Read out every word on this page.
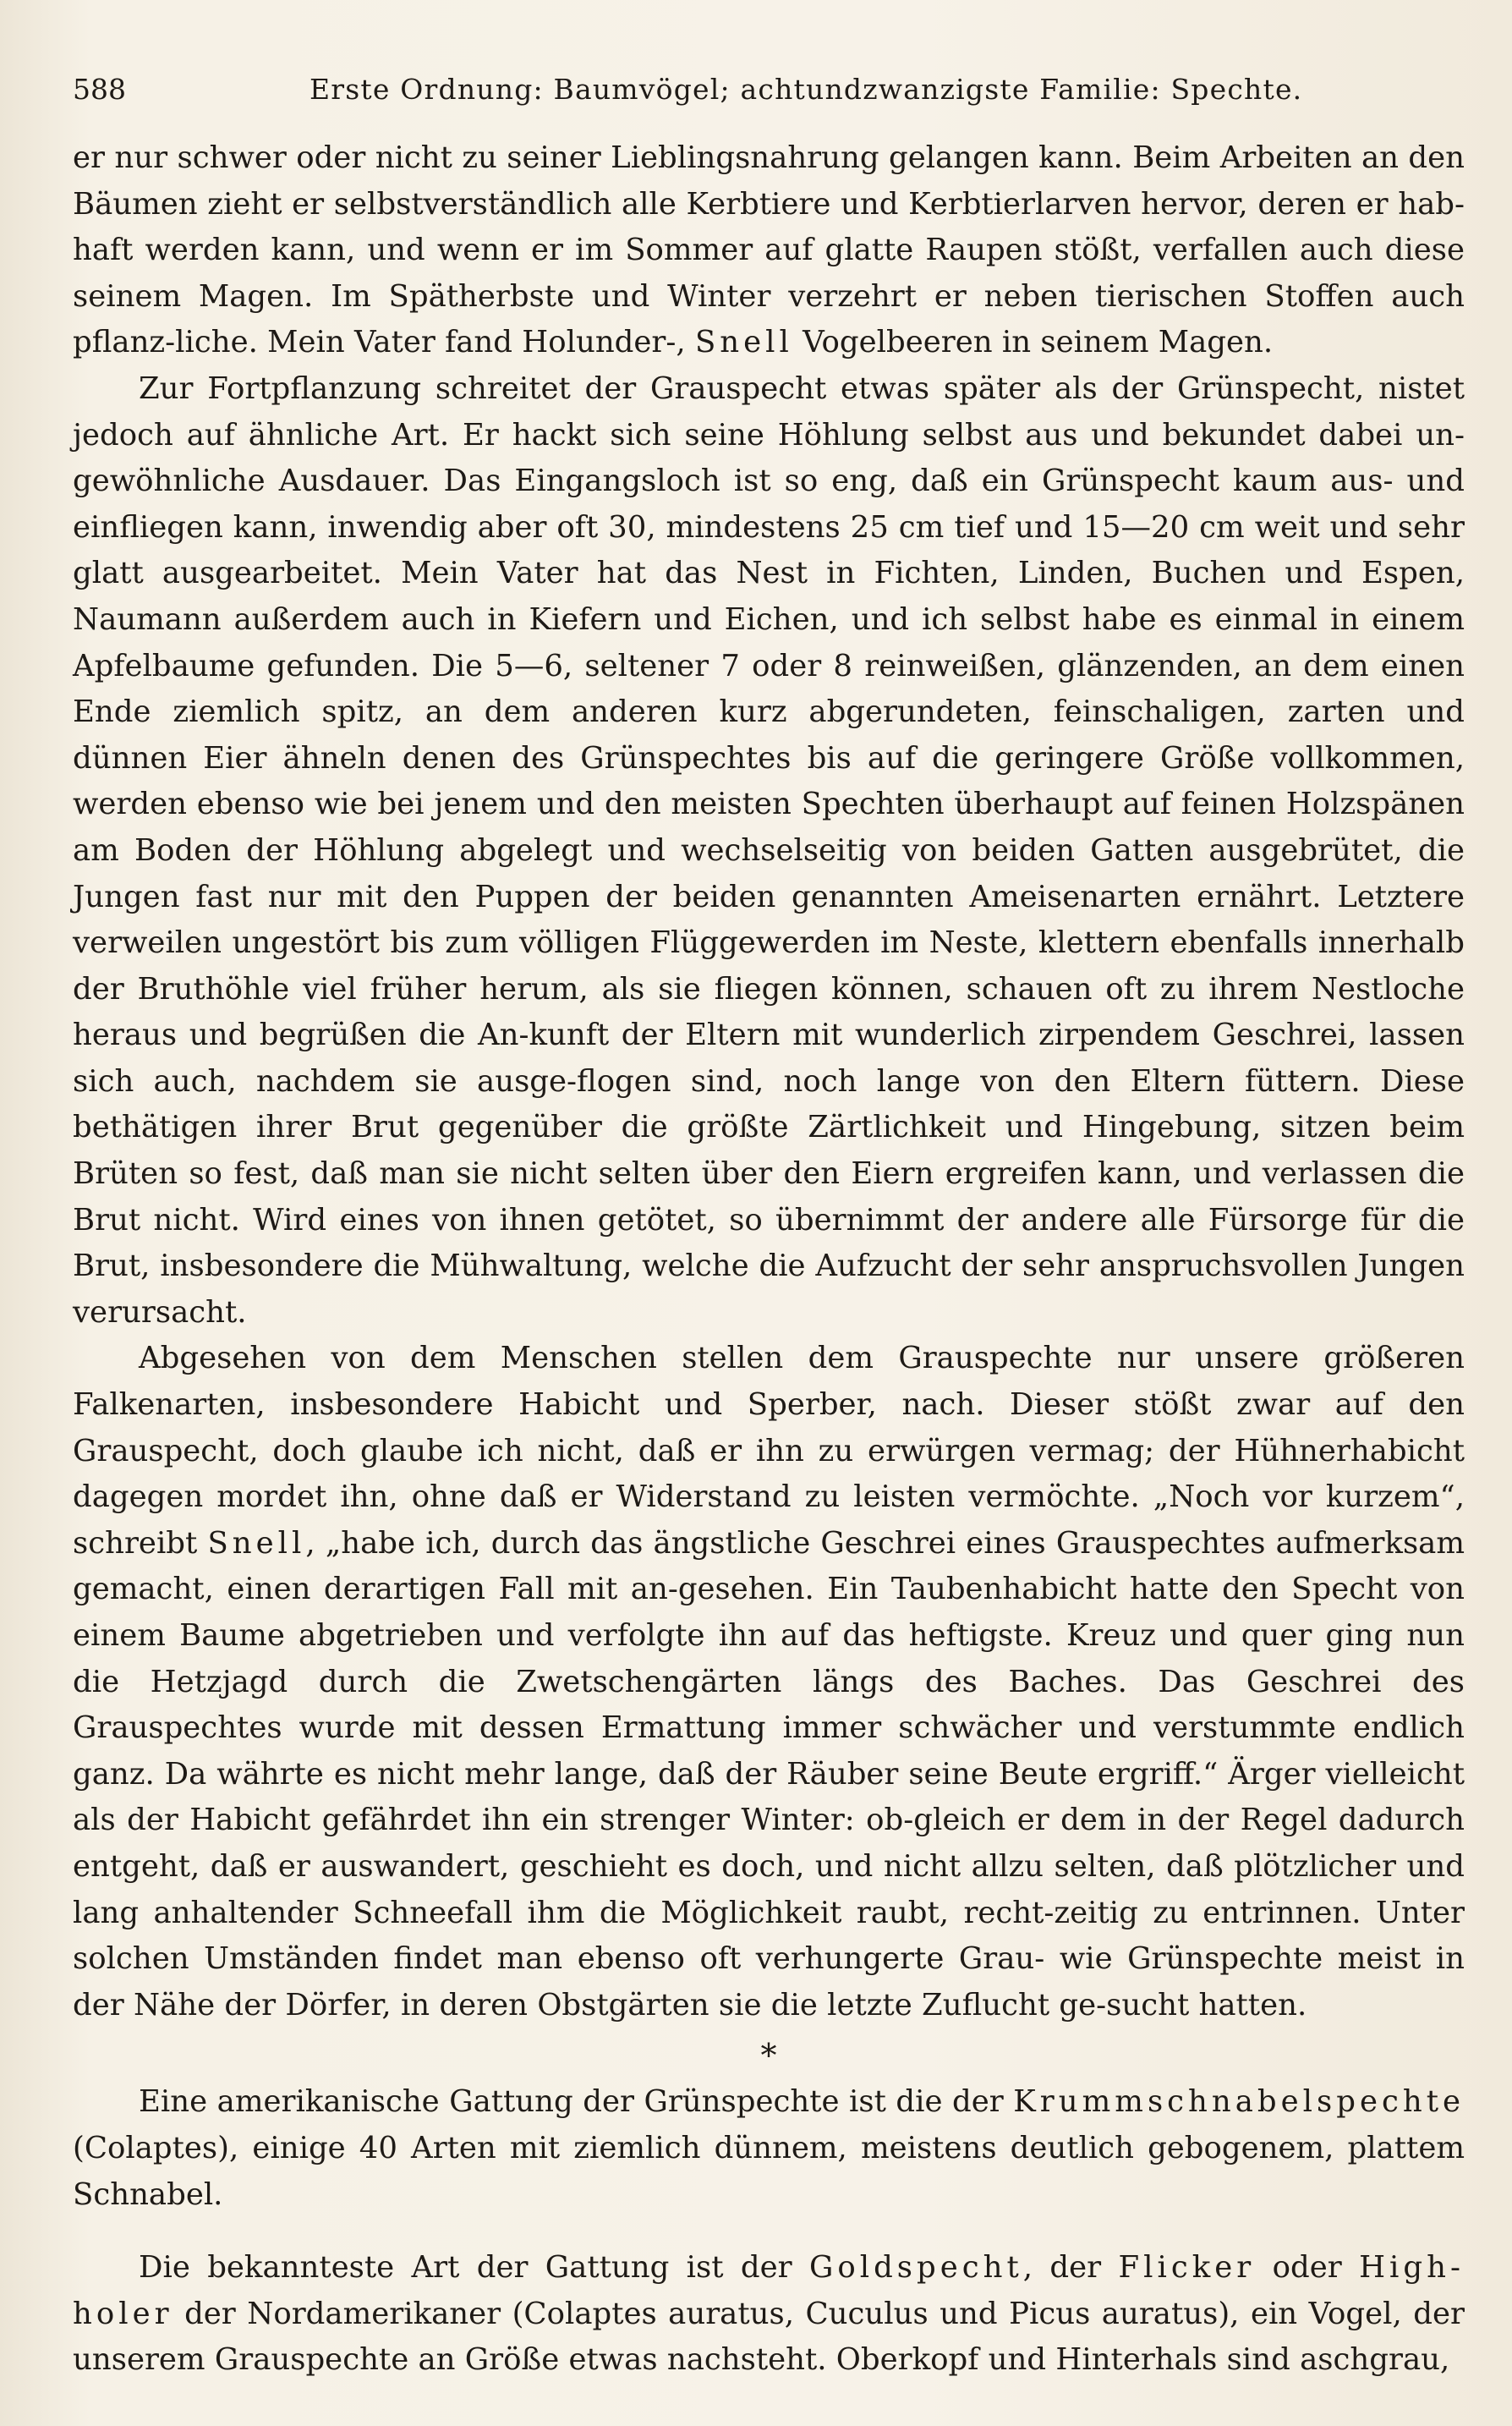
588	Erste Ordnung: Baumvögel; achtundzwanzigste Familie: Spechte.

er nur schwer oder nicht zu seiner Lieblingsnahrung gelangen kann. Beim Arbeiten an den Bäumen zieht er selbstverständlich alle Kerbtiere und Kerbtierlarven hervor, deren er hab-haft werden kann, und wenn er im Sommer auf glatte Raupen stößt, verfallen auch diese seinem Magen. Im Spätherbste und Winter verzehrt er neben tierischen Stoffen auch pflanz-liche. Mein Vater fand Holunder-, Snell Vogelbeeren in seinem Magen.

Zur Fortpflanzung schreitet der Grauspecht etwas später als der Grünspecht, nistet jedoch auf ähnliche Art. Er hackt sich seine Höhlung selbst aus und bekundet dabei un-gewöhnliche Ausdauer. Das Eingangsloch ist so eng, daß ein Grünspecht kaum aus- und einfliegen kann, inwendig aber oft 30, mindestens 25 cm tief und 15—20 cm weit und sehr glatt ausgearbeitet. Mein Vater hat das Nest in Fichten, Linden, Buchen und Espen, Naumann außerdem auch in Kiefern und Eichen, und ich selbst habe es einmal in einem Apfelbaume gefunden. Die 5—6, seltener 7 oder 8 reinweißen, glänzenden, an dem einen Ende ziemlich spitz, an dem anderen kurz abgerundeten, feinschaligen, zarten und dünnen Eier ähneln denen des Grünspechtes bis auf die geringere Größe vollkommen, werden ebenso wie bei jenem und den meisten Spechten überhaupt auf feinen Holzspänen am Boden der Höhlung abgelegt und wechselseitig von beiden Gatten ausgebrütet, die Jungen fast nur mit den Puppen der beiden genannten Ameisenarten ernährt. Letztere verweilen ungestört bis zum völligen Flüggewerden im Neste, klettern ebenfalls innerhalb der Bruthöhle viel früher herum, als sie fliegen können, schauen oft zu ihrem Nestloche heraus und begrüßen die An-kunft der Eltern mit wunderlich zirpendem Geschrei, lassen sich auch, nachdem sie ausge-flogen sind, noch lange von den Eltern füttern. Diese bethätigen ihrer Brut gegenüber die größte Zärtlichkeit und Hingebung, sitzen beim Brüten so fest, daß man sie nicht selten über den Eiern ergreifen kann, und verlassen die Brut nicht. Wird eines von ihnen getötet, so übernimmt der andere alle Fürsorge für die Brut, insbesondere die Mühwaltung, welche die Aufzucht der sehr anspruchsvollen Jungen verursacht.

Abgesehen von dem Menschen stellen dem Grauspechte nur unsere größeren Falkenarten, insbesondere Habicht und Sperber, nach. Dieser stößt zwar auf den Grauspecht, doch glaube ich nicht, daß er ihn zu erwürgen vermag; der Hühnerhabicht dagegen mordet ihn, ohne daß er Widerstand zu leisten vermöchte. „Noch vor kurzem“, schreibt Snell, „habe ich, durch das ängstliche Geschrei eines Grauspechtes aufmerksam gemacht, einen derartigen Fall mit an-gesehen. Ein Taubenhabicht hatte den Specht von einem Baume abgetrieben und verfolgte ihn auf das heftigste. Kreuz und quer ging nun die Hetzjagd durch die Zwetschengärten längs des Baches. Das Geschrei des Grauspechtes wurde mit dessen Ermattung immer schwächer und verstummte endlich ganz. Da währte es nicht mehr lange, daß der Räuber seine Beute ergriff.“ Ärger vielleicht als der Habicht gefährdet ihn ein strenger Winter: ob-gleich er dem in der Regel dadurch entgeht, daß er auswandert, geschieht es doch, und nicht allzu selten, daß plötzlicher und lang anhaltender Schneefall ihm die Möglichkeit raubt, recht-zeitig zu entrinnen. Unter solchen Umständen findet man ebenso oft verhungerte Grau- wie Grünspechte meist in der Nähe der Dörfer, in deren Obstgärten sie die letzte Zuflucht ge-sucht hatten.

*

Eine amerikanische Gattung der Grünspechte ist die der Krummschnabelspechte (Colaptes), einige 40 Arten mit ziemlich dünnem, meistens deutlich gebogenem, plattem Schnabel.

Die bekannteste Art der Gattung ist der Goldspecht, der Flicker oder High-holer der Nordamerikaner (Colaptes auratus, Cuculus und Picus auratus), ein Vogel, der unserem Grauspechte an Größe etwas nachsteht. Oberkopf und Hinterhals sind aschgrau,
